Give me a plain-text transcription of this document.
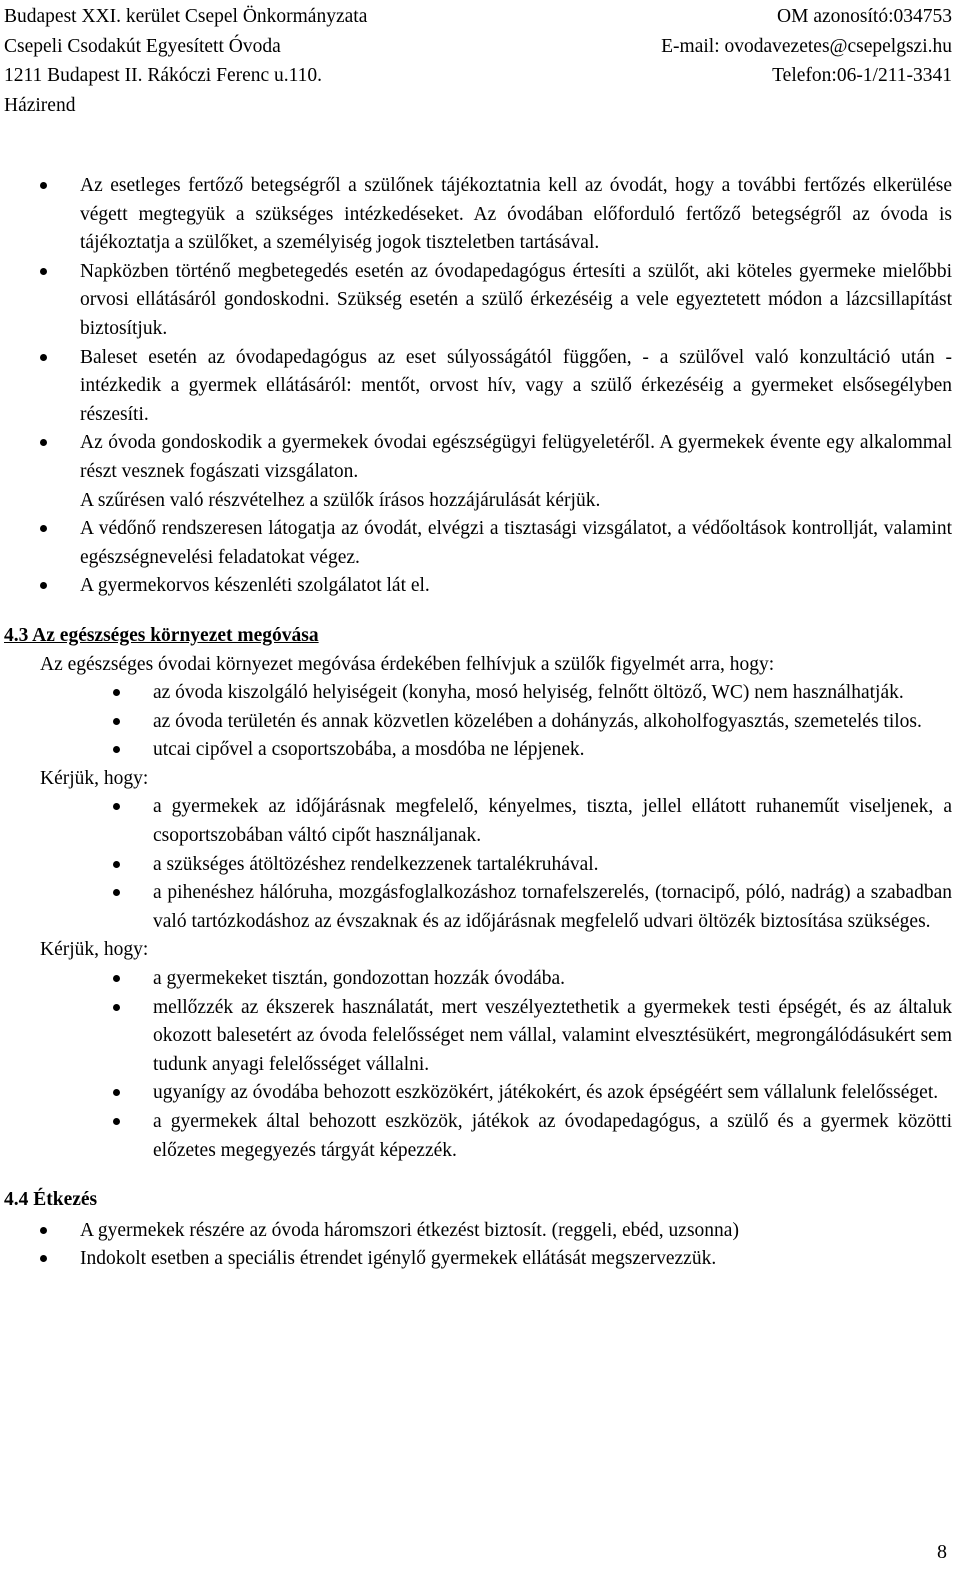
Budapest XXI. kerület Csepel Önkormányzata	OM azonosító:034753
Csepeli Csodakút Egyesített Óvoda	E-mail: ovodavezetes@csepelgszi.hu
1211 Budapest II. Rákóczi Ferenc u.110.	Telefon:06-1/211-3341
Házirend
Az esetleges fertőző betegségről a szülőnek tájékoztatnia kell az óvodát, hogy a további fertőzés elkerülése végett megtegyük a szükséges intézkedéseket. Az óvodában előforduló fertőző betegségről az óvoda is tájékoztatja a szülőket, a személyiség jogok tiszteletben tartásával.
Napközben történő megbetegedés esetén az óvodapedagógus értesíti a szülőt, aki köteles gyermeke mielőbbi orvosi ellátásáról gondoskodni. Szükség esetén a szülő érkezéséig a vele egyeztetett módon a lázcsillapítást biztosítjuk.
Baleset esetén az óvodapedagógus az eset súlyosságától függően, - a szülővel való konzultáció után - intézkedik a gyermek ellátásáról: mentőt, orvost hív, vagy a szülő érkezéséig a gyermeket elsősegélyben részesíti.
Az óvoda gondoskodik a gyermekek óvodai egészségügyi felügyeletéről. A gyermekek évente egy alkalommal részt vesznek fogászati vizsgálaton.
A szűrésen való részvételhez a szülők írásos hozzájárulását kérjük.
A védőnő rendszeresen látogatja az óvodát, elvégzi a tisztasági vizsgálatot, a védőoltások kontrollját, valamint egészségnevelési feladatokat végez.
A gyermekorvos készenléti szolgálatot lát el.
4.3 Az egészséges környezet megóvása
Az egészséges óvodai környezet megóvása érdekében felhívjuk a szülők figyelmét arra, hogy:
az óvoda kiszolgáló helyiségeit (konyha, mosó helyiség, felnőtt öltöző, WC) nem használhatják.
az óvoda területén és annak közvetlen közelében a dohányzás, alkoholfogyasztás, szemetelés tilos.
utcai cipővel a csoportszobába, a mosdóba ne lépjenek.
Kérjük, hogy:
a gyermekek az időjárásnak megfelelő, kényelmes, tiszta, jellel ellátott ruhaneműt viseljenek, a csoportszobában váltó cipőt használjanak.
a szükséges átöltözéshez rendelkezzenek tartalékruhával.
a pihenéshez hálóruha, mozgásfoglalkozáshoz tornafelszerelés, (tornacipő, póló, nadrág) a szabadban való tartózkodáshoz az évszaknak és az időjárásnak megfelelő udvari öltözék biztosítása szükséges.
Kérjük, hogy:
a gyermekeket tisztán, gondozottan hozzák óvodába.
mellőzzék az ékszerek használatát, mert veszélyeztethetik a gyermekek testi épségét, és az általuk okozott balesetért az óvoda felelősséget nem vállal, valamint elvesztésükért, megrongálódásukért sem tudunk anyagi felelősséget vállalni.
ugyanígy az óvodába behozott eszközökért, játékokért, és azok épségéért sem vállalunk felelősséget.
a gyermekek által behozott eszközök, játékok az óvodapedagógus, a szülő és a gyermek közötti előzetes megegyezés tárgyát képezzék.
4.4 Étkezés
A gyermekek részére az óvoda háromszori étkezést biztosít. (reggeli, ebéd, uzsonna)
Indokolt esetben a speciális étrendet igénylő gyermekek ellátását megszervezzük.
8
